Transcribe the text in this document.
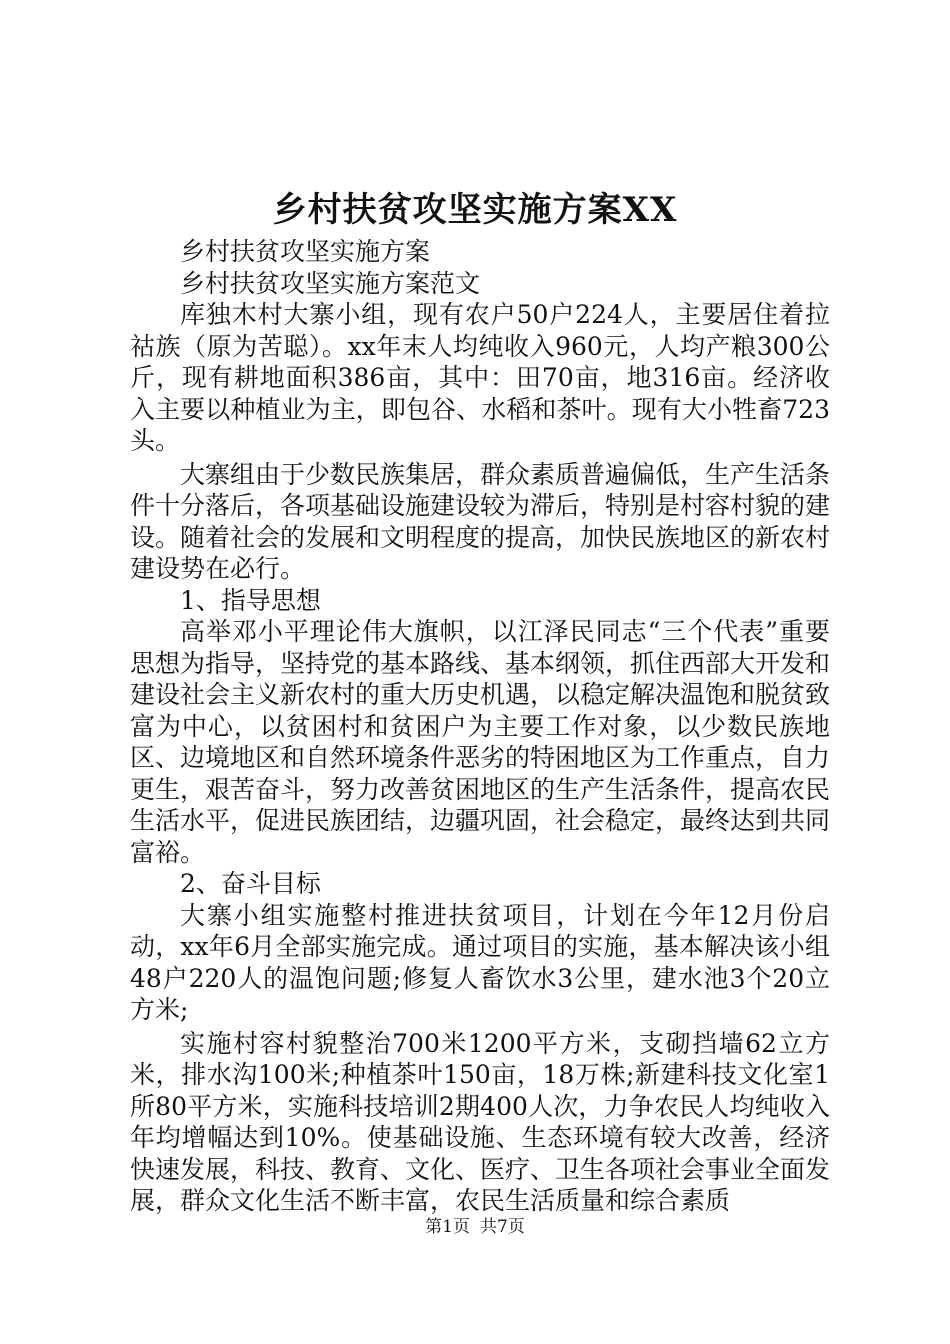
乡村扶贫攻坚实施方案XX

乡村扶贫攻坚实施方案

乡村扶贫攻坚实施方案范文

库独木村大寨小组，现有农户50户224人，主要居住着拉祜族（原为苦聪）。xx年末人均纯收入960元，人均产粮300公斤，现有耕地面积386亩，其中：田70亩，地316亩。经济收入主要以种植业为主，即包谷、水稻和茶叶。现有大小牲畜723头。

大寨组由于少数民族集居，群众素质普遍偏低，生产生活条件十分落后，各项基础设施建设较为滞后，特别是村容村貌的建设。随着社会的发展和文明程度的提高，加快民族地区的新农村建设势在必行。

1、指导思想

高举邓小平理论伟大旗帜，以江泽民同志“三个代表”重要思想为指导，坚持党的基本路线、基本纲领，抓住西部大开发和建设社会主义新农村的重大历史机遇，以稳定解决温饱和脱贫致富为中心，以贫困村和贫困户为主要工作对象，以少数民族地区、边境地区和自然环境条件恶劣的特困地区为工作重点，自力更生，艰苦奋斗，努力改善贫困地区的生产生活条件，提高农民生活水平，促进民族团结，边疆巩固，社会稳定，最终达到共同富裕。

2、奋斗目标

大寨小组实施整村推进扶贫项目，计划在今年12月份启动，xx年6月全部实施完成。通过项目的实施，基本解决该小组48户220人的温饱问题;修复人畜饮水3公里，建水池3个20立方米;

实施村容村貌整治700米1200平方米，支砌挡墙62立方米，排水沟100米;种植茶叶150亩，18万株;新建科技文化室1所80平方米，实施科技培训2期400人次，力争农民人均纯收入年均增幅达到10%。使基础设施、生态环境有较大改善，经济快速发展，科技、教育、文化、医疗、卫生各项社会事业全面发展，群众文化生活不断丰富，农民生活质量和综合素质

第1页 共7页
